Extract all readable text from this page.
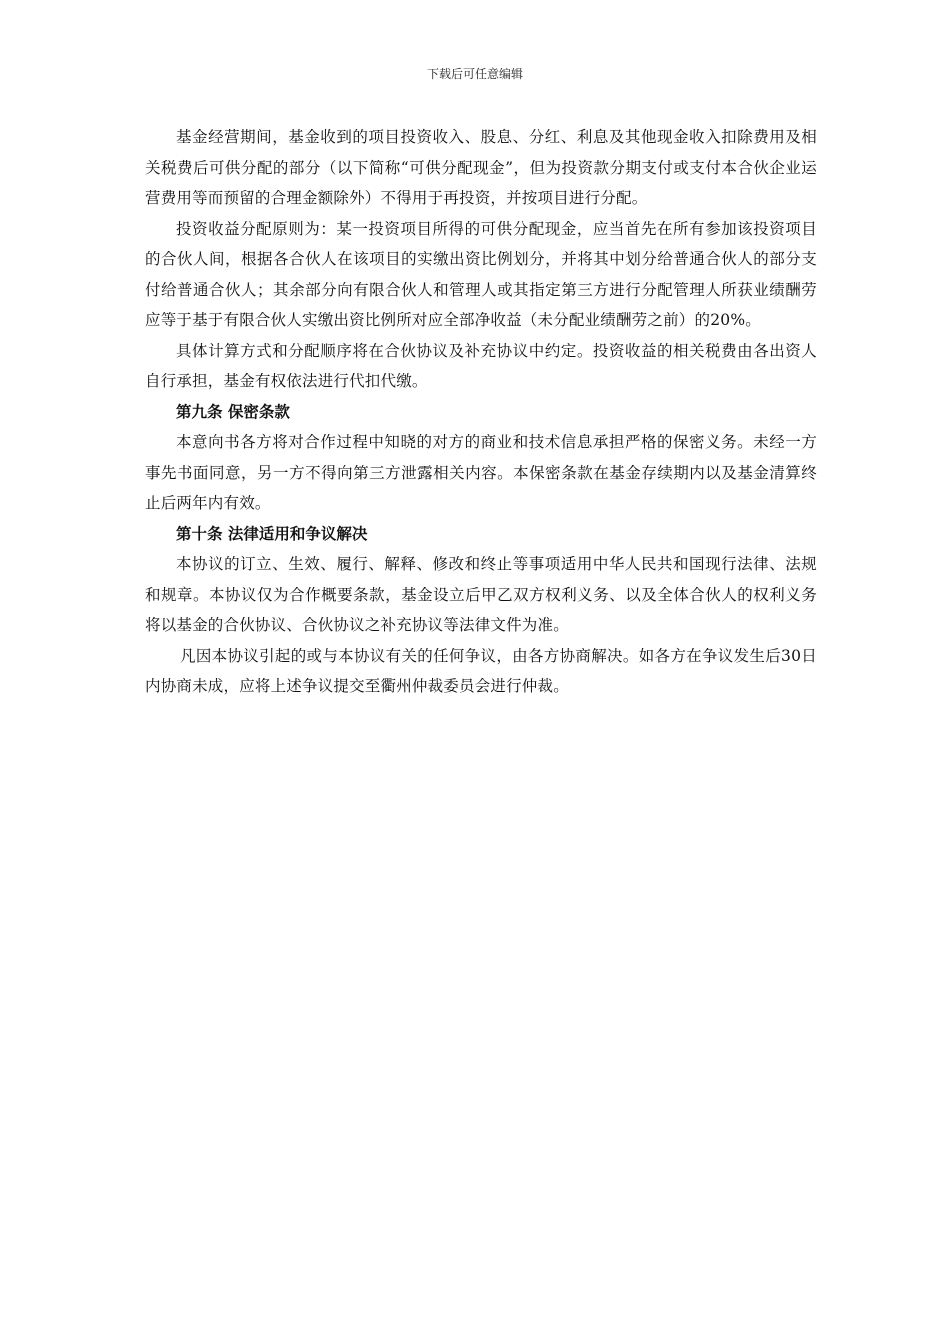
下载后可任意编辑

基金经营期间，基金收到的项目投资收入、股息、分红、利息及其他现金收入扣除费用及相关税费后可供分配的部分（以下简称“可供分配现金”，但为投资款分期支付或支付本合伙企业运营费用等而预留的合理金额除外）不得用于再投资，并按项目进行分配。

投资收益分配原则为：某一投资项目所得的可供分配现金，应当首先在所有参加该投资项目的合伙人间，根据各合伙人在该项目的实缴出资比例划分，并将其中划分给普通合伙人的部分支付给普通合伙人；其余部分向有限合伙人和管理人或其指定第三方进行分配管理人所获业绩酬劳应等于基于有限合伙人实缴出资比例所对应全部净收益（未分配业绩酬劳之前）的20%。

具体计算方式和分配顺序将在合伙协议及补充协议中约定。投资收益的相关税费由各出资人自行承担，基金有权依法进行代扣代缴。

第九条 保密条款

本意向书各方将对合作过程中知晓的对方的商业和技术信息承担严格的保密义务。未经一方事先书面同意，另一方不得向第三方泄露相关内容。本保密条款在基金存续期内以及基金清算终止后两年内有效。

第十条 法律适用和争议解决

本协议的订立、生效、履行、解释、修改和终止等事项适用中华人民共和国现行法律、法规和规章。本协议仅为合作概要条款，基金设立后甲乙双方权利义务、以及全体合伙人的权利义务将以基金的合伙协议、合伙协议之补充协议等法律文件为准。

凡因本协议引起的或与本协议有关的任何争议，由各方协商解决。如各方在争议发生后30日内协商未成，应将上述争议提交至衢州仲裁委员会进行仲裁。
